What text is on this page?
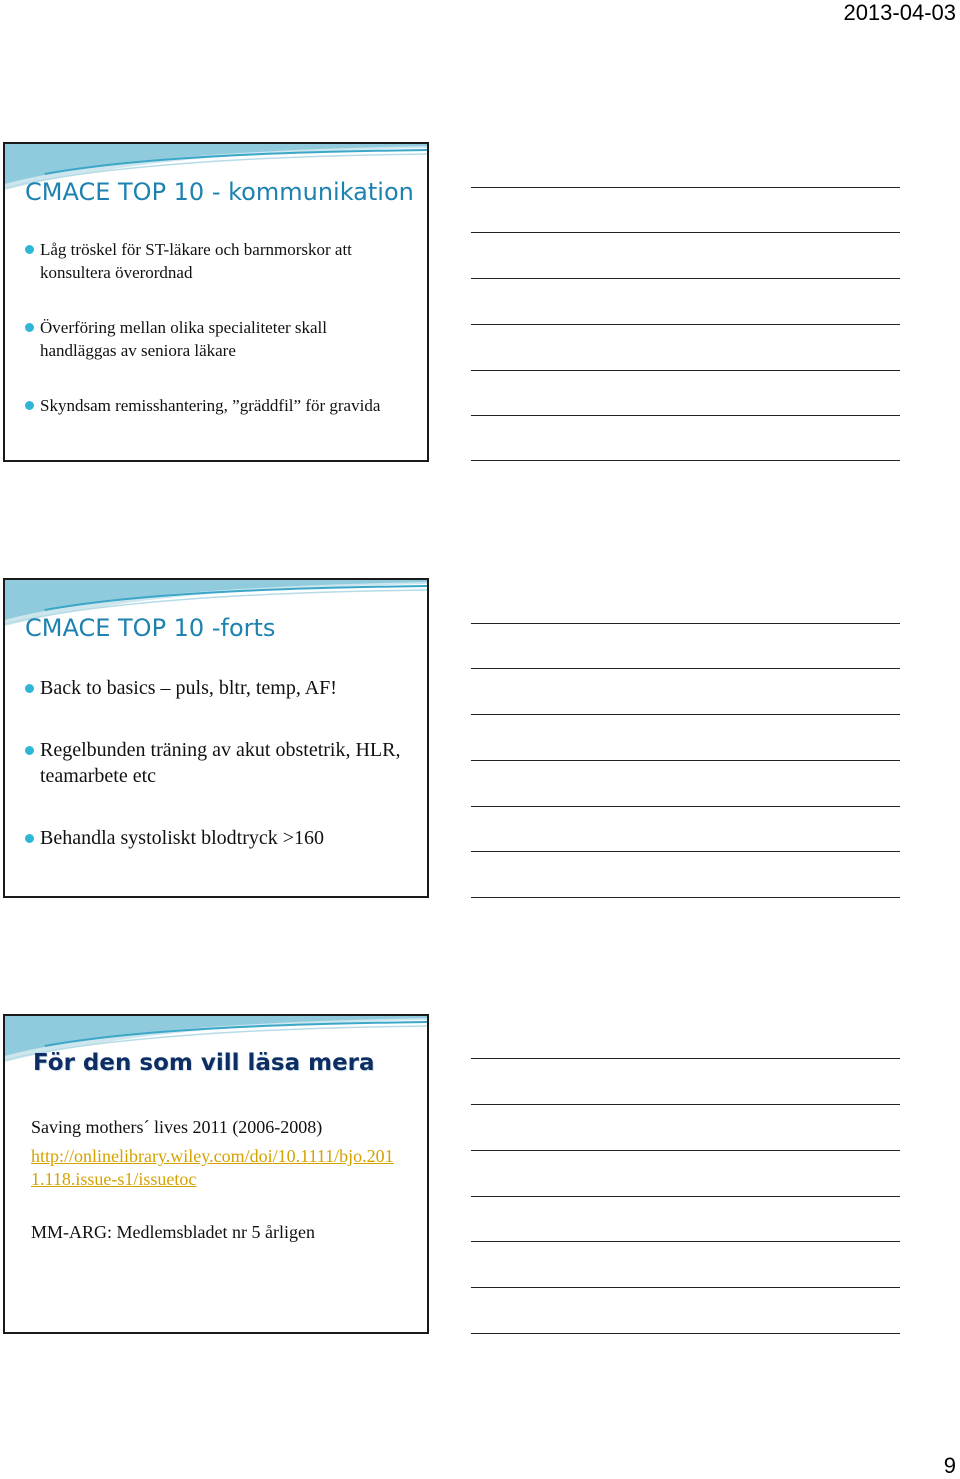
2013-04-03
CMACE TOP 10 - kommunikation
Låg tröskel för ST-läkare och barnmorskor att konsultera överordnad
Överföring mellan olika specialiteter skall handläggas av seniora läkare
Skyndsam remisshantering, ”gräddfil” för gravida
CMACE TOP 10 -forts
Back to basics – puls, bltr, temp, AF!
Regelbunden träning av akut obstetrik, HLR, teamarbete etc
Behandla systoliskt blodtryck >160
För den som vill läsa mera
Saving mothers´ lives 2011 (2006-2008)
http://onlinelibrary.wiley.com/doi/10.1111/bjo.2011.118.issue-s1/issuetoc
MM-ARG: Medlemsbladet nr 5 årligen
9
